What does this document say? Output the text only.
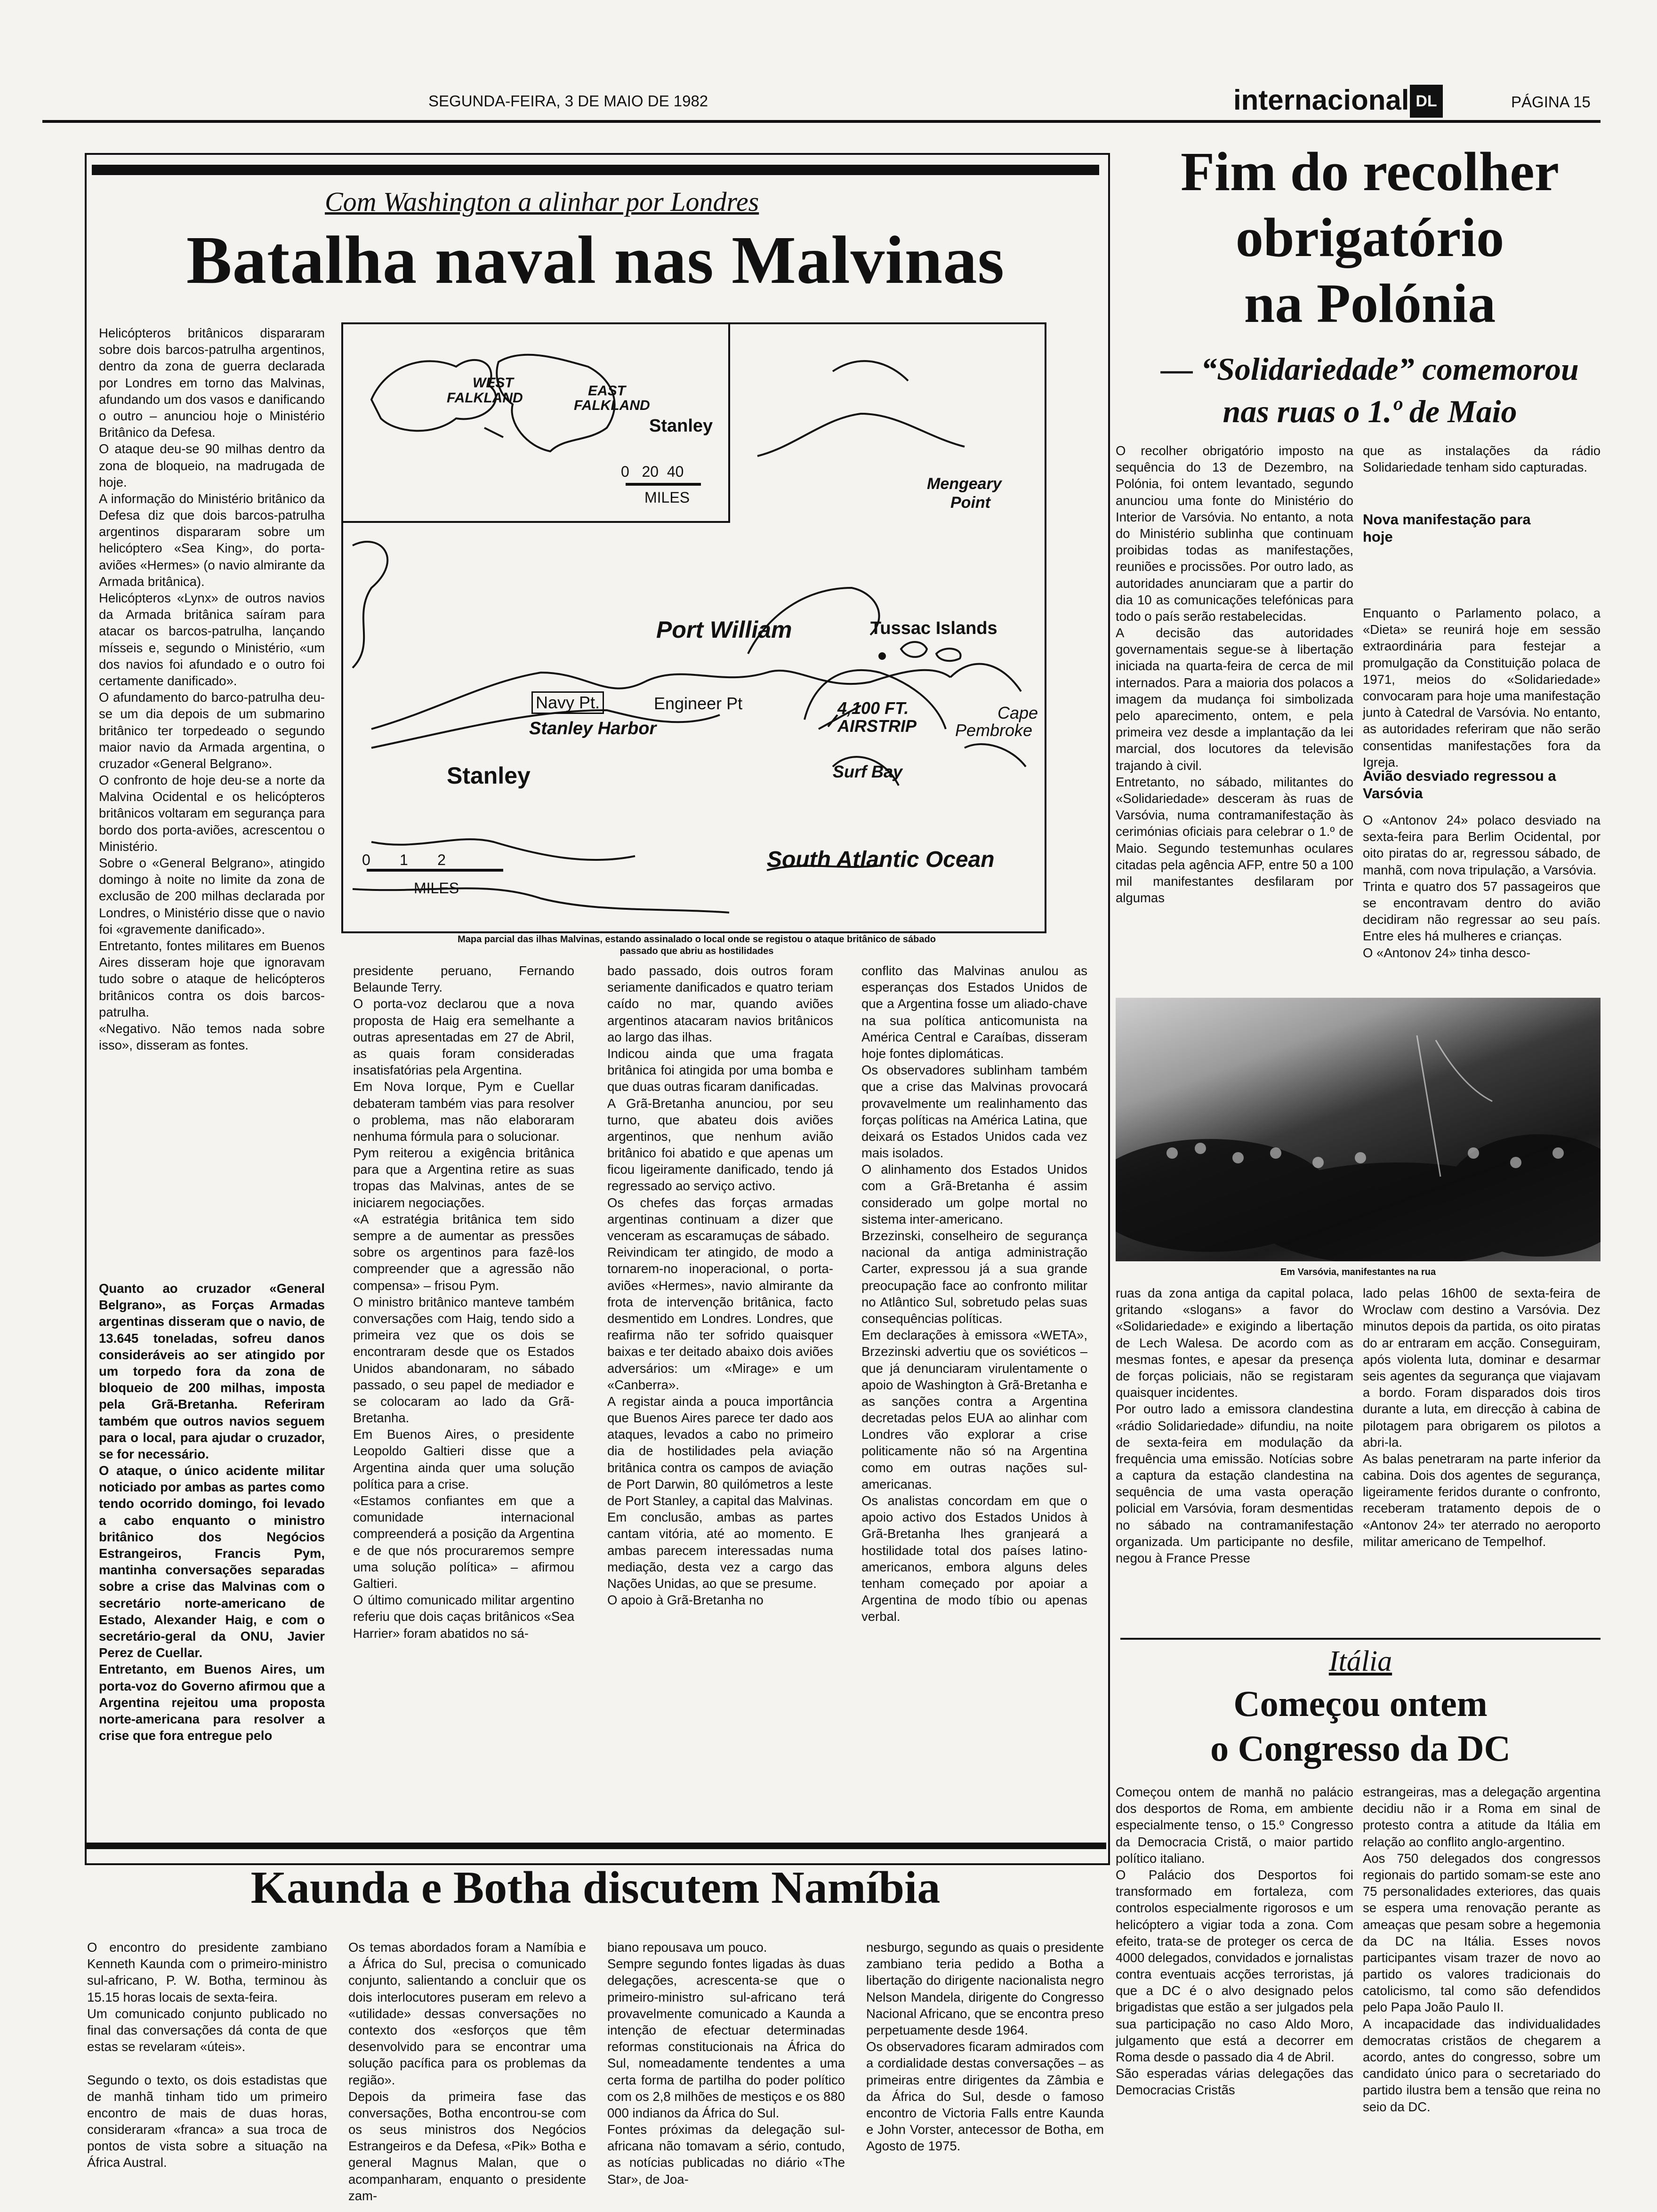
SEGUNDA-FEIRA, 3 DE MAIO DE 1982	internacional DL	PÁGINA 15
Com Washington a alinhar por Londres
Batalha naval nas Malvinas
WEST
FALKLAND	EAST
FALKLAND
Stanley
0   20  40
MILES
Mengeary
Point
Port William	Tussac Islands
Navy Pt.	Engineer Pt	4,100 FT.
AIRSTRIP
Cape
Pembroke
Stanley Harbor
Stanley	Surf Bay
0       1       2
MILES
South Atlantic Ocean
Mapa parcial das ilhas Malvinas, estando assinalado o local onde se registou o ataque britânico de sábado
passado que abriu as hostilidades
Helicópteros britânicos dispararam sobre dois barcos-patrulha argentinos, dentro da zona de guerra declarada por Londres em torno das Malvinas, afundando um dos vasos e danificando o outro – anunciou hoje o Ministério Britânico da Defesa.
O ataque deu-se 90 milhas dentro da zona de bloqueio, na madrugada de hoje.
A informação do Ministério britânico da Defesa diz que dois barcos-patrulha argentinos dispararam sobre um helicóptero «Sea King», do porta-aviões «Hermes» (o navio almirante da Armada britânica).
Helicópteros «Lynx» de outros navios da Armada britânica saíram para atacar os barcos-patrulha, lançando mísseis e, segundo o Ministério, «um dos navios foi afundado e o outro foi certamente danificado».
O afundamento do barco-patrulha deu-se um dia depois de um submarino britânico ter torpedeado o segundo maior navio da Armada argentina, o cruzador «General Belgrano».
O confronto de hoje deu-se a norte da Malvina Ocidental e os helicópteros britânicos voltaram em segurança para bordo dos porta-aviões, acrescentou o Ministério.
Sobre o «General Belgrano», atingido domingo à noite no limite da zona de exclusão de 200 milhas declarada por Londres, o Ministério disse que o navio foi «gravemente danificado».
Entretanto, fontes militares em Buenos Aires disseram hoje que ignoravam tudo sobre o ataque de helicópteros britânicos contra os dois barcos-patrulha.
«Negativo. Não temos nada sobre isso», disseram as fontes.
Quanto ao cruzador «General Belgrano», as Forças Armadas argentinas disseram que o navio, de 13.645 toneladas, sofreu danos consideráveis ao ser atingido por um torpedo fora da zona de bloqueio de 200 milhas, imposta pela Grã-Bretanha. Referiram também que outros navios seguem para o local, para ajudar o cruzador, se for necessário.
O ataque, o único acidente militar noticiado por ambas as partes como tendo ocorrido domingo, foi levado a cabo enquanto o ministro britânico dos Negócios Estrangeiros, Francis Pym, mantinha conversações separadas sobre a crise das Malvinas com o secretário norte-americano de Estado, Alexander Haig, e com o secretário-geral da ONU, Javier Perez de Cuellar.
Entretanto, em Buenos Aires, um porta-voz do Governo afirmou que a Argentina rejeitou uma proposta norte-americana para resolver a crise que fora entregue pelo
presidente peruano, Fernando Belaunde Terry.
O porta-voz declarou que a nova proposta de Haig era semelhante a outras apresentadas em 27 de Abril, as quais foram consideradas insatisfatórias pela Argentina.
Em Nova Iorque, Pym e Cuellar debateram também vias para resolver o problema, mas não elaboraram nenhuma fórmula para o solucionar.
Pym reiterou a exigência britânica para que a Argentina retire as suas tropas das Malvinas, antes de se iniciarem negociações.
«A estratégia britânica tem sido sempre a de aumentar as pressões sobre os argentinos para fazê-los compreender que a agressão não compensa» – frisou Pym.
O ministro britânico manteve também conversações com Haig, tendo sido a primeira vez que os dois se encontraram desde que os Estados Unidos abandonaram, no sábado passado, o seu papel de mediador e se colocaram ao lado da Grã-Bretanha.
Em Buenos Aires, o presidente Leopoldo Galtieri disse que a Argentina ainda quer uma solução política para a crise.
«Estamos confiantes em que a comunidade internacional compreenderá a posição da Argentina e de que nós procuraremos sempre uma solução política» – afirmou Galtieri.
O último comunicado militar argentino referiu que dois caças britânicos «Sea Harrier» foram abatidos no sá-
bado passado, dois outros foram seriamente danificados e quatro teriam caído no mar, quando aviões argentinos atacaram navios britânicos ao largo das ilhas.
Indicou ainda que uma fragata britânica foi atingida por uma bomba e que duas outras ficaram danificadas.
A Grã-Bretanha anunciou, por seu turno, que abateu dois aviões argentinos, que nenhum avião britânico foi abatido e que apenas um ficou ligeiramente danificado, tendo já regressado ao serviço activo.
Os chefes das forças armadas argentinas continuam a dizer que venceram as escaramuças de sábado.
Reivindicam ter atingido, de modo a tornarem-no inoperacional, o porta-aviões «Hermes», navio almirante da frota de intervenção britânica, facto desmentido em Londres. Londres, que reafirma não ter sofrido quaisquer baixas e ter deitado abaixo dois aviões adversários: um «Mirage» e um «Canberra».
A registar ainda a pouca importância que Buenos Aires parece ter dado aos ataques, levados a cabo no primeiro dia de hostilidades pela aviação britânica contra os campos de aviação de Port Darwin, 80 quilómetros a leste de Port Stanley, a capital das Malvinas.
Em conclusão, ambas as partes cantam vitória, até ao momento. E ambas parecem interessadas numa mediação, desta vez a cargo das Nações Unidas, ao que se presume.
O apoio à Grã-Bretanha no
conflito das Malvinas anulou as esperanças dos Estados Unidos de que a Argentina fosse um aliado-chave na sua política anticomunista na América Central e Caraíbas, disseram hoje fontes diplomáticas.
Os observadores sublinham também que a crise das Malvinas provocará provavelmente um realinhamento das forças políticas na América Latina, que deixará os Estados Unidos cada vez mais isolados.
O alinhamento dos Estados Unidos com a Grã-Bretanha é assim considerado um golpe mortal no sistema inter-americano.
Brzezinski, conselheiro de segurança nacional da antiga administração Carter, expressou já a sua grande preocupação face ao confronto militar no Atlântico Sul, sobretudo pelas suas consequências políticas.
Em declarações à emissora «WETA», Brzezinski advertiu que os soviéticos – que já denunciaram virulentamente o apoio de Washington à Grã-Bretanha e as sanções contra a Argentina decretadas pelos EUA ao alinhar com Londres vão explorar a crise politicamente não só na Argentina como em outras nações sul-americanas.
Os analistas concordam em que o apoio activo dos Estados Unidos à Grã-Bretanha lhes granjeará a hostilidade total dos países latino-americanos, embora alguns deles tenham começado por apoiar a Argentina de modo tíbio ou apenas verbal.
Fim do recolher
obrigatório
na Polónia
— “Solidariedade” comemorou
nas ruas o 1.º de Maio
O recolher obrigatório imposto na sequência do 13 de Dezembro, na Polónia, foi ontem levantado, segundo anunciou uma fonte do Ministério do Interior de Varsóvia. No entanto, a nota do Ministério sublinha que continuam proibidas todas as manifestações, reuniões e procissões. Por outro lado, as autoridades anunciaram que a partir do dia 10 as comunicações telefónicas para todo o país serão restabelecidas.
A decisão das autoridades governamentais segue-se à libertação iniciada na quarta-feira de cerca de mil internados. Para a maioria dos polacos a imagem da mudança foi simbolizada pelo aparecimento, ontem, e pela primeira vez desde a implantação da lei marcial, dos locutores da televisão trajando à civil.
Entretanto, no sábado, militantes do «Solidariedade» desceram às ruas de Varsóvia, numa contramanifestação às cerimónias oficiais para celebrar o 1.º de Maio. Segundo testemunhas oculares citadas pela agência AFP, entre 50 a 100 mil manifestantes desfilaram por algumas
que as instalações da rádio Solidariedade tenham sido capturadas.
Nova manifestação para hoje
Enquanto o Parlamento polaco, a «Dieta» se reunirá hoje em sessão extraordinária para festejar a promulgação da Constituição polaca de 1971, meios do «Solidariedade» convocaram para hoje uma manifestação junto à Catedral de Varsóvia. No entanto, as autoridades referiram que não serão consentidas manifestações fora da Igreja.
Avião desviado regressou a Varsóvia
O «Antonov 24» polaco desviado na sexta-feira para Berlim Ocidental, por oito piratas do ar, regressou sábado, de manhã, com nova tripulação, a Varsóvia.
Trinta e quatro dos 57 passageiros que se encontravam dentro do avião decidiram não regressar ao seu país. Entre eles há mulheres e crianças.
O «Antonov 24» tinha desco-
Em Varsóvia, manifestantes na rua
ruas da zona antiga da capital polaca, gritando «slogans» a favor do «Solidariedade» e exigindo a libertação de Lech Walesa. De acordo com as mesmas fontes, e apesar da presença de forças policiais, não se registaram quaisquer incidentes.
Por outro lado a emissora clandestina «rádio Solidariedade» difundiu, na noite de sexta-feira em modulação da frequência uma emissão. Notícias sobre a captura da estação clandestina na sequência de uma vasta operação policial em Varsóvia, foram desmentidas no sábado na contramanifestação organizada. Um participante no desfile, negou à France Presse
lado pelas 16h00 de sexta-feira de Wroclaw com destino a Varsóvia. Dez minutos depois da partida, os oito piratas do ar entraram em acção. Conseguiram, após violenta luta, dominar e desarmar seis agentes da segurança que viajavam a bordo. Foram disparados dois tiros durante a luta, em direcção à cabina de pilotagem para obrigarem os pilotos a abri-la.
As balas penetraram na parte inferior da cabina. Dois dos agentes de segurança, ligeiramente feridos durante o confronto, receberam tratamento depois de o «Antonov 24» ter aterrado no aeroporto militar americano de Tempelhof.
Itália
Começou ontem
o Congresso da DC
Começou ontem de manhã no palácio dos desportos de Roma, em ambiente especialmente tenso, o 15.º Congresso da Democracia Cristã, o maior partido político italiano.
O Palácio dos Desportos foi transformado em fortaleza, com controlos especialmente rigorosos e um helicóptero a vigiar toda a zona. Com efeito, trata-se de proteger os cerca de 4000 delegados, convidados e jornalistas contra eventuais acções terroristas, já que a DC é o alvo designado pelos brigadistas que estão a ser julgados pela sua participação no caso Aldo Moro, julgamento que está a decorrer em Roma desde o passado dia 4 de Abril.
São esperadas várias delegações das Democracias Cristãs
estrangeiras, mas a delegação argentina decidiu não ir a Roma em sinal de protesto contra a atitude da Itália em relação ao conflito anglo-argentino.
Aos 750 delegados dos congressos regionais do partido somam-se este ano 75 personalidades exteriores, das quais se espera uma renovação perante as ameaças que pesam sobre a hegemonia da DC na Itália. Esses novos participantes visam trazer de novo ao partido os valores tradicionais do catolicismo, tal como são defendidos pelo Papa João Paulo II.
A incapacidade das individualidades democratas cristãos de chegarem a acordo, antes do congresso, sobre um candidato único para o secretariado do partido ilustra bem a tensão que reina no seio da DC.
Kaunda e Botha discutem Namíbia
O encontro do presidente zambiano Kenneth Kaunda com o primeiro-ministro sul-africano, P. W. Botha, terminou às 15.15 horas locais de sexta-feira.
Um comunicado conjunto publicado no final das conversações dá conta de que estas se revelaram «úteis».

Segundo o texto, os dois estadistas que de manhã tinham tido um primeiro encontro de mais de duas horas, consideraram «franca» a sua troca de pontos de vista sobre a situação na África Austral.
Os temas abordados foram a Namíbia e a África do Sul, precisa o comunicado conjunto, salientando a concluir que os dois interlocutores puseram em relevo a «utilidade» dessas conversações no contexto dos «esforços que têm desenvolvido para se encontrar uma solução pacífica para os problemas da região».
Depois da primeira fase das conversações, Botha encontrou-se com os seus ministros dos Negócios Estrangeiros e da Defesa, «Pik» Botha e general Magnus Malan, que o acompanharam, enquanto o presidente zam-
biano repousava um pouco.
Sempre segundo fontes ligadas às duas delegações, acrescenta-se que o primeiro-ministro sul-africano terá provavelmente comunicado a Kaunda a intenção de efectuar determinadas reformas constitucionais na África do Sul, nomeadamente tendentes a uma certa forma de partilha do poder político com os 2,8 milhões de mestiços e os 880 000 indianos da África do Sul.
Fontes próximas da delegação sul-africana não tomavam a sério, contudo, as notícias publicadas no diário «The Star», de Joa-
nesburgo, segundo as quais o presidente zambiano teria pedido a Botha a libertação do dirigente nacionalista negro Nelson Mandela, dirigente do Congresso Nacional Africano, que se encontra preso perpetuamente desde 1964.
Os observadores ficaram admirados com a cordialidade destas conversações – as primeiras entre dirigentes da Zâmbia e da África do Sul, desde o famoso encontro de Victoria Falls entre Kaunda e John Vorster, antecessor de Botha, em Agosto de 1975.
